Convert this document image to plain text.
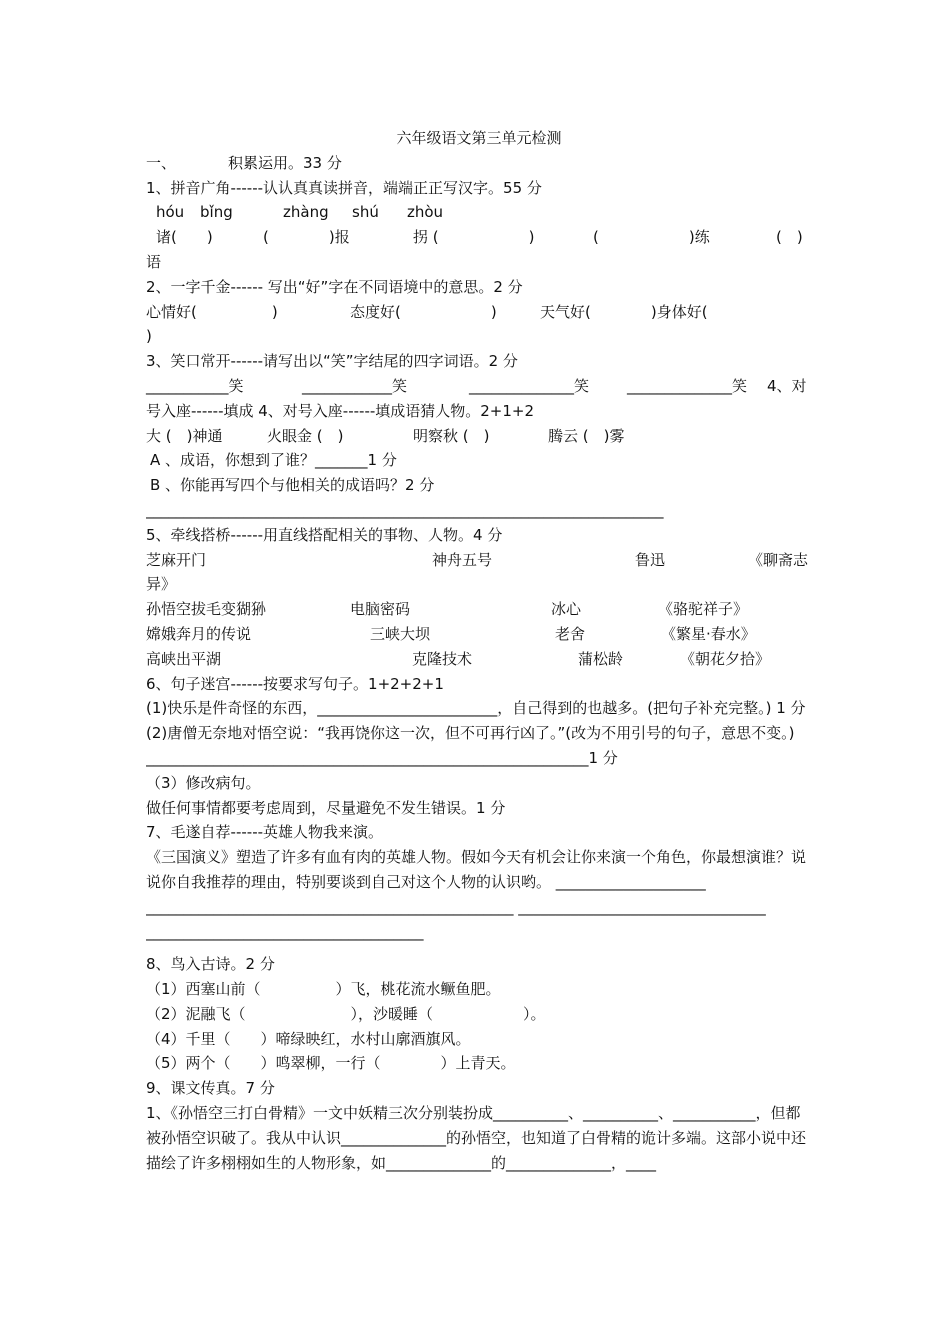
六年级语文第三单元检测
一、	积累运用。33 分
1、拼音广角------认认真真读拼音，端端正正写汉字。55 分
hóu	bǐng	zhàng	shú	zhòu
诸(　　)	(　　　　)报	拐 (　　　　　　)	(　　　　　　)练	(　)
语
2、一字千金------ 写出“好”字在不同语境中的意思。2 分
心情好(　　　　　)	态度好(　　　　　　)	天气好(　　　　)身体好(
)
3、笑口常开------请写出以“笑”字结尾的四字词语。2 分
___________笑	____________笑	______________笑	______________笑	4、对
号入座------填成 4、对号入座------填成语猜人物。2+1+2
大 (　)神通	火眼金 (　)	明察秋 (　)	腾云 (　)雾
A 、成语，你想到了谁？_______1 分
B 、你能再写四个与他相关的成语吗？2 分
_____________________________________________________________________
5、牵线搭桥------用直线搭配相关的事物、人物。4 分
芝麻开门	神舟五号	鲁迅	《聊斋志
异》
孙悟空拔毛变猢狲	电脑密码	冰心	《骆驼祥子》
嫦娥奔月的传说	三峡大坝	老舍	《繁星·春水》
高峡出平湖	克隆技术	蒲松龄	《朝花夕拾》
6、句子迷宫------按要求写句子。1+2+2+1
(1)快乐是件奇怪的东西，________________________，自己得到的也越多。(把句子补充完整。) 1 分
(2)唐僧无奈地对悟空说：“我再饶你这一次，但不可再行凶了。”(改为不用引号的句子，意思不变。)
___________________________________________________________1 分
（3）修改病句。
做任何事情都要考虑周到，尽量避免不发生错误。1 分
7、毛遂自荐------英雄人物我来演。
《三国演义》塑造了许多有血有肉的英雄人物。假如今天有机会让你来演一个角色，你最想演谁？说说你自我推荐的理由，特别要谈到自己对这个人物的认识哟。 ____________________
_________________________________________________ _________________________________
_____________________________________
8、鸟入古诗。2 分
（1）西塞山前（　　　　　）飞，桃花流水鳜鱼肥。
（2）泥融飞（　　　　　　　），沙暖睡（　　　　　　）。
（4）千里（　　）啼绿映红，水村山廓酒旗风。
（5）两个（　　）鸣翠柳，一行（　　　　）上青天。
9、课文传真。7 分
1、《孙悟空三打白骨精》一文中妖精三次分别装扮成__________、__________、___________，但都被孙悟空识破了。我从中认识______________的孙悟空，也知道了白骨精的诡计多端。这部小说中还描绘了许多栩栩如生的人物形象，如______________的______________，____
